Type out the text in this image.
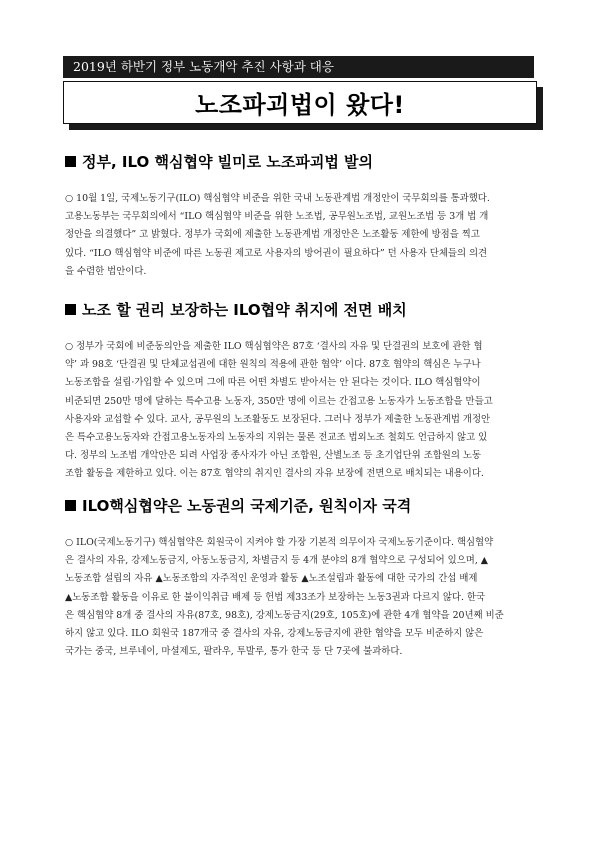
2019년 하반기 정부 노동개악 추진 사항과 대응
노조파괴법이 왔다!
정부, ILO 핵심협약 빌미로 노조파괴법 발의
○ 10월 1일, 국제노동기구(ILO) 핵심협약 비준을 위한 국내 노동관계법 개정안이 국무회의를 통과했다.
고용노동부는 국무회의에서 “ILO 핵심협약 비준을 위한 노조법, 공무원노조법, 교원노조법 등 3개 법 개
정안을 의결했다” 고 밝혔다. 정부가 국회에 제출한 노동관계법 개정안은 노조활동 제한에 방점을 찍고
있다. “ILO 핵심협약 비준에 따른 노동권 제고로 사용자의 방어권이 필요하다” 던 사용자 단체들의 의견
을 수렴한 법안이다.
노조 할 권리 보장하는 ILO협약 취지에 전면 배치
○ 정부가 국회에 비준동의안을 제출한 ILO 핵심협약은 87호 ‘결사의 자유 및 단결권의 보호에 관한 협
약’ 과 98호 ‘단결권 및 단체교섭권에 대한 원칙의 적용에 관한 협약’ 이다. 87호 협약의 핵심은 누구나
노동조합을 설립·가입할 수 있으며 그에 따른 어떤 차별도 받아서는 안 된다는 것이다. ILO 핵심협약이
비준되면 250만 명에 달하는 특수고용 노동자, 350만 명에 이르는 간접고용 노동자가 노동조합을 만들고
사용자와 교섭할 수 있다. 교사, 공무원의 노조활동도 보장된다. 그러나 정부가 제출한 노동관계법 개정안
은 특수고용노동자와 간접고용노동자의 노동자의 지위는 물론 전교조 법외노조 철회도 언급하지 않고 있
다. 정부의 노조법 개악안은 되려 사업장 종사자가 아닌 조합원, 산별노조 등 초기업단위 조합원의 노동
조합 활동을 제한하고 있다. 이는 87호 협약의 취지인 결사의 자유 보장에 전면으로 배치되는 내용이다.
ILO핵심협약은 노동권의 국제기준, 원칙이자 국격
○ ILO(국제노동기구) 핵심협약은 회원국이 지켜야 할 가장 기본적 의무이자 국제노동기준이다. 핵심협약
은 결사의 자유, 강제노동금지, 아동노동금지, 차별금지 등 4개 분야의 8개 협약으로 구성되어 있으며, ▲
노동조합 설립의 자유 ▲노동조합의 자주적인 운영과 활동 ▲노조설립과 활동에 대한 국가의 간섭 배제
▲노동조합 활동을 이유로 한 불이익취급 배제 등 헌법 제33조가 보장하는 노동3권과 다르지 않다. 한국
은 핵심협약 8개 중 결사의 자유(87호, 98호), 강제노동금지(29호, 105호)에 관한 4개 협약을 20년째 비준
하지 않고 있다. ILO 회원국 187개국 중 결사의 자유, 강제노동금지에 관한 협약을 모두 비준하지 않은
국가는 중국, 브루네이, 마셜제도, 팔라우, 투발루, 통가 한국 등 단 7곳에 불과하다.
